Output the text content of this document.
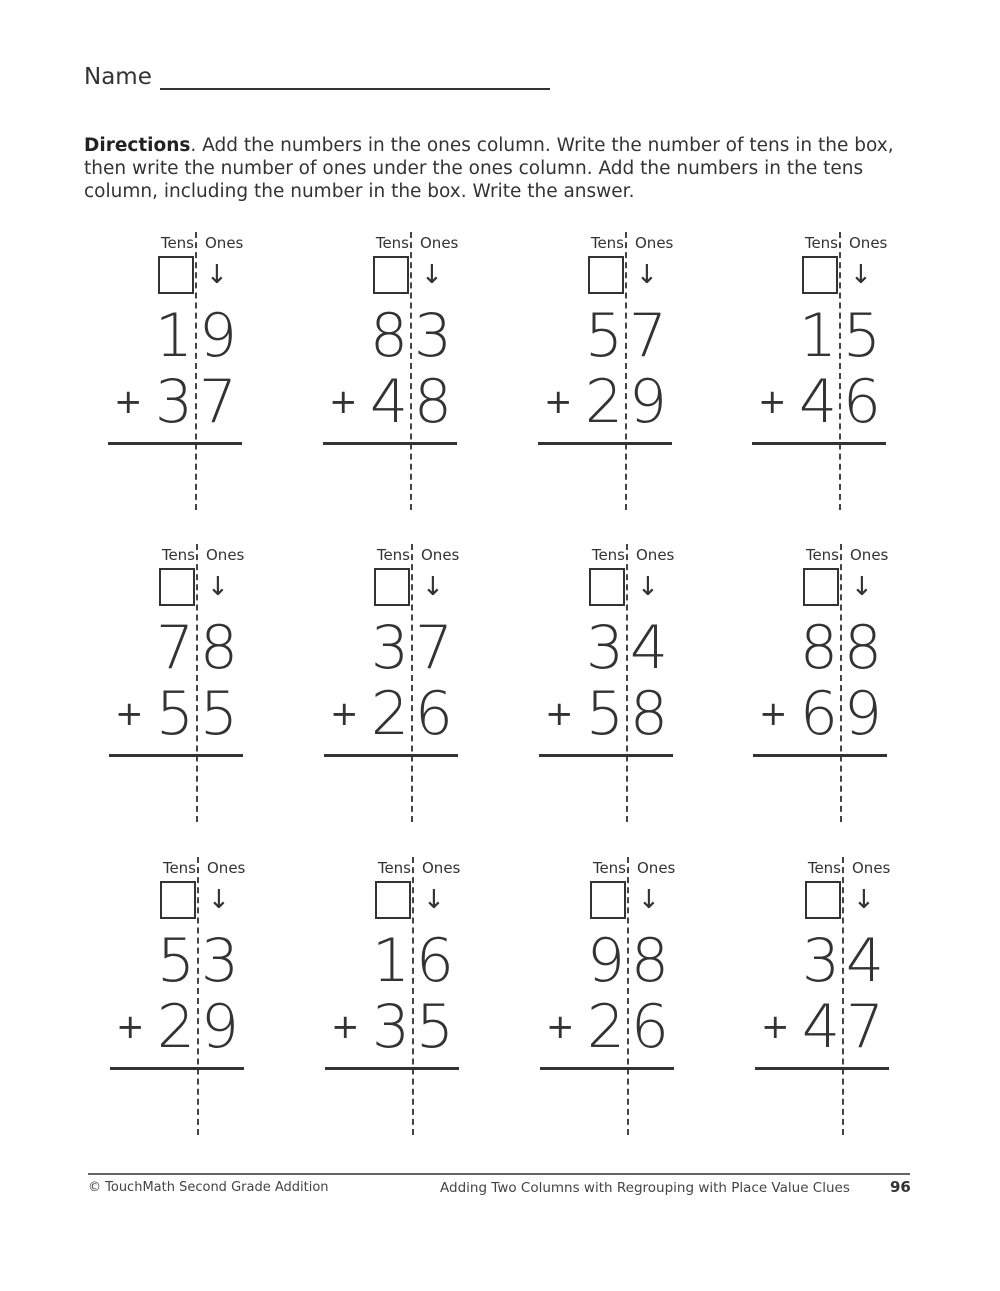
Name

Directions. Add the numbers in the ones column. Write the number of tens in the box, then write the number of ones under the ones column. Add the numbers in the tens column, including the number in the box. Write the answer.

Tens Ones
↓
1 9
+ 3 7
Tens Ones
↓
8 3
+ 4 8
Tens Ones
↓
5 7
+ 2 9
Tens Ones
↓
1 5
+ 4 6
Tens Ones
↓
7 8
+ 5 5
Tens Ones
↓
3 7
+ 2 6
Tens Ones
↓
3 4
+ 5 8
Tens Ones
↓
8 8
+ 6 9
Tens Ones
↓
5 3
+ 2 9
Tens Ones
↓
1 6
+ 3 5
Tens Ones
↓
9 8
+ 2 6
Tens Ones
↓
3 4
+ 4 7
© TouchMath Second Grade Addition	Adding Two Columns with Regrouping with Place Value Clues	96
